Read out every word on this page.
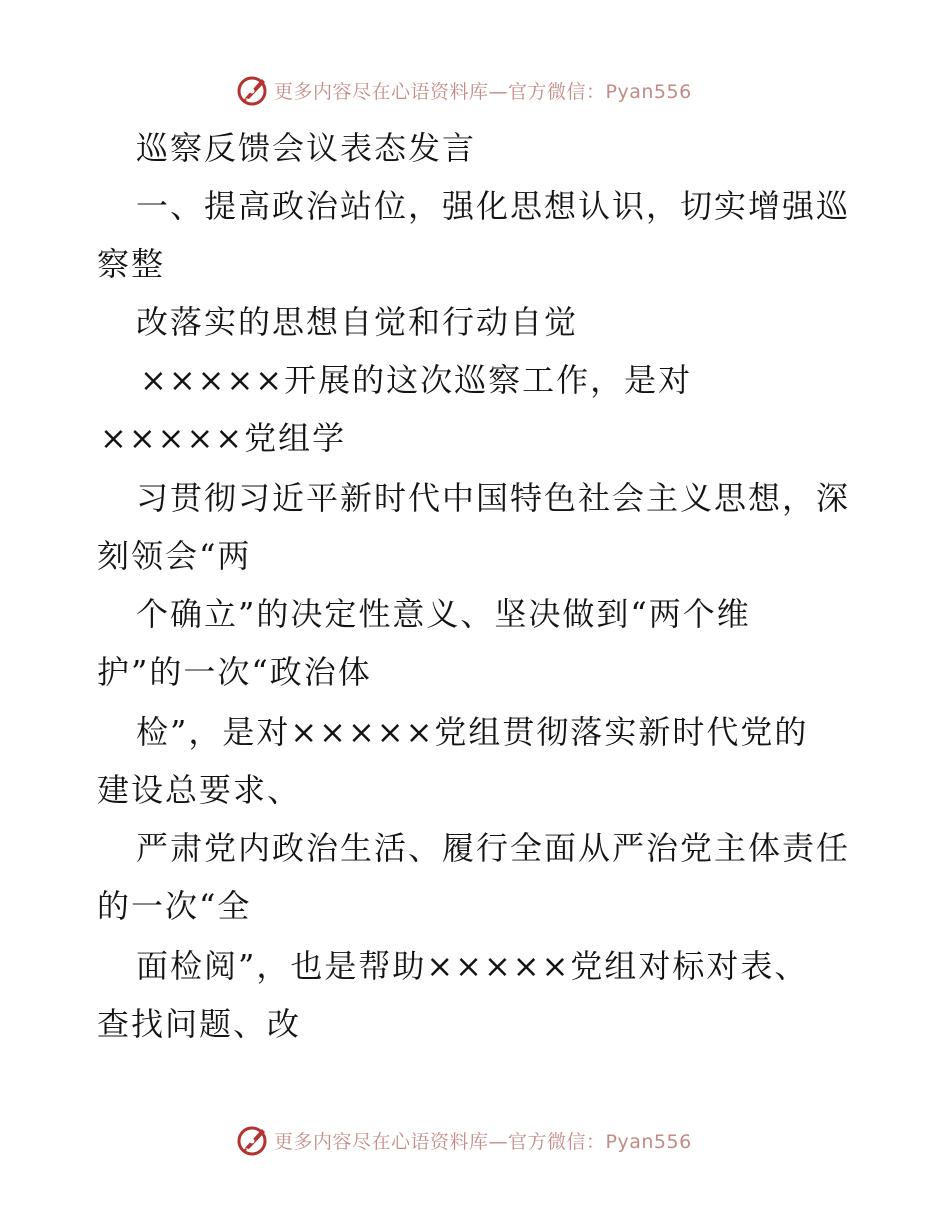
更多内容尽在心语资料库—官方微信：Pyan556
巡察反馈会议表态发言
一、提高政治站位，强化思想认识，切实增强巡
察整
改落实的思想自觉和行动自觉
×××××开展的这次巡察工作，是对
×××××党组学
习贯彻习近平新时代中国特色社会主义思想，深
刻领会“两
个确立”的决定性意义、坚决做到“两个维
护”的一次“政治体
检”，是对×××××党组贯彻落实新时代党的
建设总要求、
严肃党内政治生活、履行全面从严治党主体责任
的一次“全
面检阅”，也是帮助×××××党组对标对表、
查找问题、改
更多内容尽在心语资料库—官方微信：Pyan556
